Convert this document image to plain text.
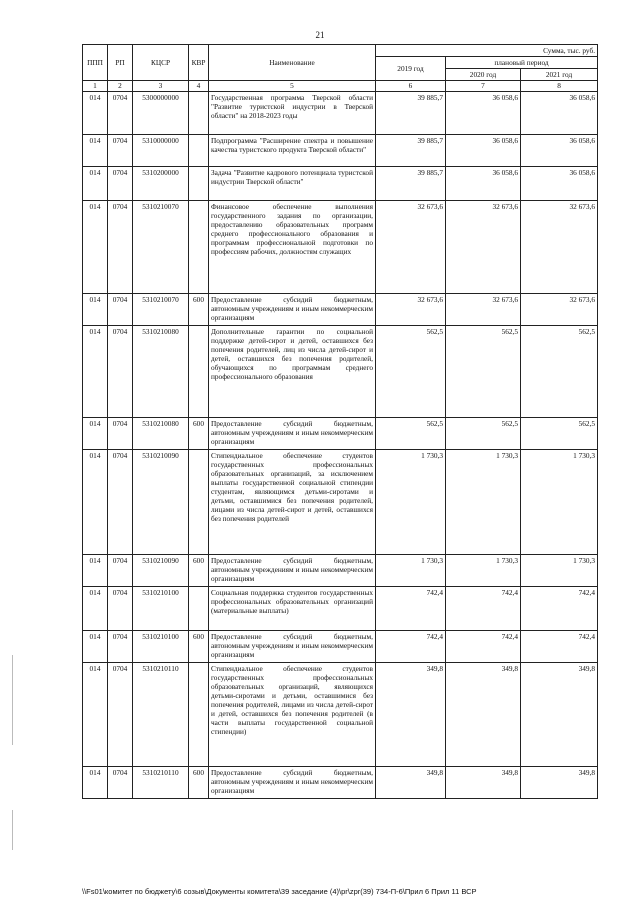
21
ППП	РП	КЦСР	КВР	Наименование	Сумма, тыс. руб.		
					2019 год	плановый период	
						2020 год	2021 год
1	2	3	4	5	6	7	8
014	0704	5300000000		Государственная программа Тверской области "Развитие туристской индустрии в Тверской области" на 2018-2023 годы	39 885,7	36 058,6	36 058,6
014	0704	5310000000		Подпрограмма "Расширение спектра и повышение качества туристского продукта Тверской области"	39 885,7	36 058,6	36 058,6
014	0704	5310200000		Задача "Развитие кадрового потенциала туристской индустрии Тверской области"	39 885,7	36 058,6	36 058,6
014	0704	5310210070		Финансовое обеспечение выполнения государственного задания по организации, предоставлению образовательных программ среднего профессионального образования и программам профессиональной подготовки по профессиям рабочих, должностям служащих	32 673,6	32 673,6	32 673,6
014	0704	5310210070	600	Предоставление субсидий бюджетным, автономным учреждениям и иным некоммерческим организациям	32 673,6	32 673,6	32 673,6
014	0704	5310210080		Дополнительные гарантии по социальной поддержке детей-сирот и детей, оставшихся без попечения родителей, лиц из числа детей-сирот и детей, оставшихся без попечения родителей, обучающихся по программам среднего профессионального образования	562,5	562,5	562,5
014	0704	5310210080	600	Предоставление субсидий бюджетным, автономным учреждениям и иным некоммерческим организациям	562,5	562,5	562,5
014	0704	5310210090		Стипендиальное обеспечение студентов государственных профессиональных образовательных организаций, за исключением выплаты государственной социальной стипендии студентам, являющимся детьми-сиротами и детьми, оставшимися без попечения родителей, лицами из числа детей-сирот и детей, оставшихся без попечения родителей	1 730,3	1 730,3	1 730,3
014	0704	5310210090	600	Предоставление субсидий бюджетным, автономным учреждениям и иным некоммерческим организациям	1 730,3	1 730,3	1 730,3
014	0704	5310210100		Социальная поддержка студентов государственных профессиональных образовательных организаций (материальные выплаты)	742,4	742,4	742,4
014	0704	5310210100	600	Предоставление субсидий бюджетным, автономным учреждениям и иным некоммерческим организациям	742,4	742,4	742,4
014	0704	5310210110		Стипендиальное обеспечение студентов государственных профессиональных образовательных организаций, являющихся детьми-сиротами и детьми, оставшимися без попечения родителей, лицами из числа детей-сирот и детей, оставшихся без попечения родителей (в части выплаты государственной социальной стипендии)	349,8	349,8	349,8
014	0704	5310210110	600	Предоставление субсидий бюджетным, автономным учреждениям и иным некоммерческим организациям	349,8	349,8	349,8
\\Fs01\комитет по бюджету\6 созыв\Документы комитета\39 заседание (4)\pr\zpr(39) 734-П-6\Прил 6 Прил 11 ВСР
